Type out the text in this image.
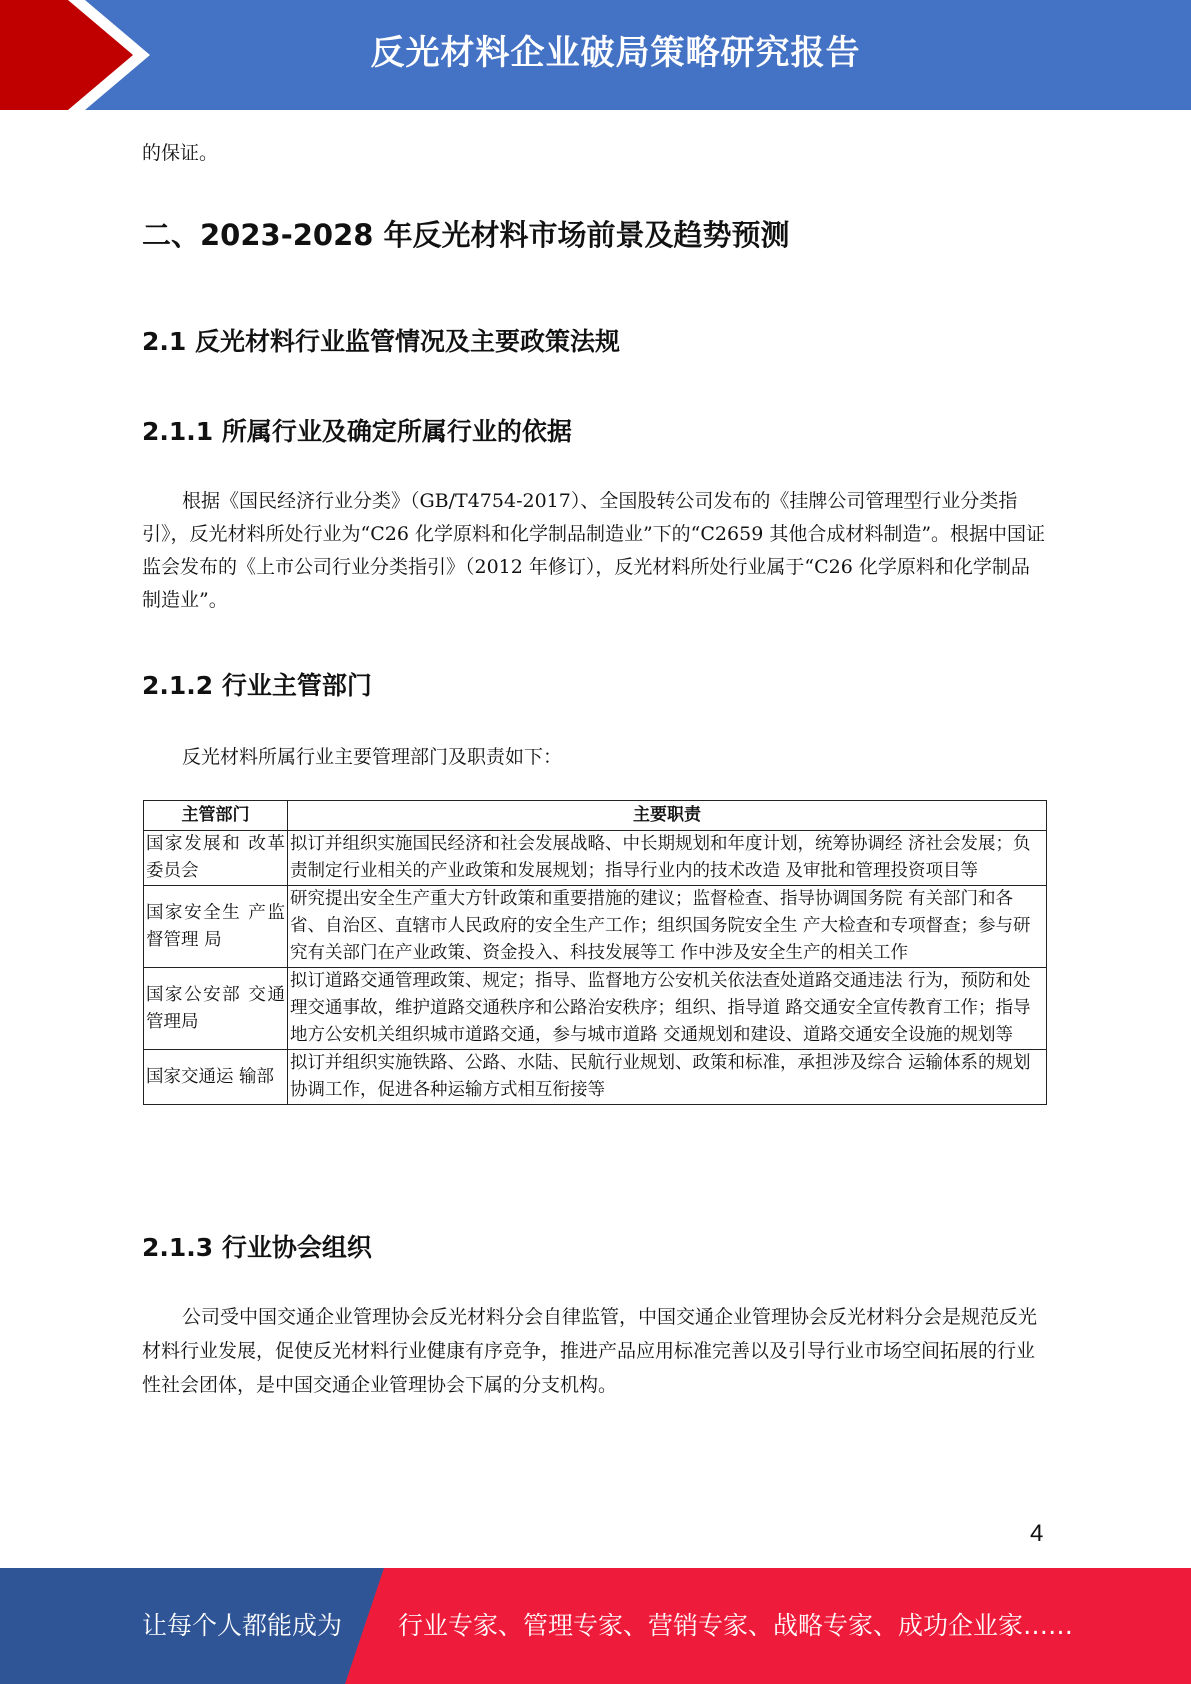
反光材料企业破局策略研究报告

的保证。

二、2023-2028 年反光材料市场前景及趋势预测
2.1 反光材料行业监管情况及主要政策法规
2.1.1 所属行业及确定所属行业的依据

根据《国民经济行业分类》（GB/T4754-2017）、全国股转公司发布的《挂牌公司管理型行业分类指引》，反光材料所处行业为“C26 化学原料和化学制品制造业”下的“C2659 其他合成材料制造”。根据中国证监会发布的《上市公司行业分类指引》（2012 年修订），反光材料所处行业属于“C26 化学原料和化学制品制造业”。

2.1.2 行业主管部门

反光材料所属行业主要管理部门及职责如下：

主管部门	主要职责
国家发展和 改革委员会	拟订并组织实施国民经济和社会发展战略、中长期规划和年度计划，统筹协调经 济社会发展；负责制定行业相关的产业政策和发展规划；指导行业内的技术改造 及审批和管理投资项目等
国家安全生 产监督管理 局	研究提出安全生产重大方针政策和重要措施的建议；监督检查、指导协调国务院 有关部门和各省、自治区、直辖市人民政府的安全生产工作；组织国务院安全生 产大检查和专项督查；参与研究有关部门在产业政策、资金投入、科技发展等工 作中涉及安全生产的相关工作
国家公安部 交通管理局	拟订道路交通管理政策、规定；指导、监督地方公安机关依法查处道路交通违法 行为，预防和处理交通事故，维护道路交通秩序和公路治安秩序；组织、指导道 路交通安全宣传教育工作；指导地方公安机关组织城市道路交通，参与城市道路 交通规划和建设、道路交通安全设施的规划等
国家交通运 输部	拟订并组织实施铁路、公路、水陆、民航行业规划、政策和标准，承担涉及综合 运输体系的规划协调工作，促进各种运输方式相互衔接等
2.1.3 行业协会组织

公司受中国交通企业管理协会反光材料分会自律监管，中国交通企业管理协会反光材料分会是规范反光材料行业发展，促使反光材料行业健康有序竞争，推进产品应用标准完善以及引导行业市场空间拓展的行业性社会团体，是中国交通企业管理协会下属的分支机构。

4
让每个人都能成为 行业专家、管理专家、营销专家、战略专家、成功企业家……
